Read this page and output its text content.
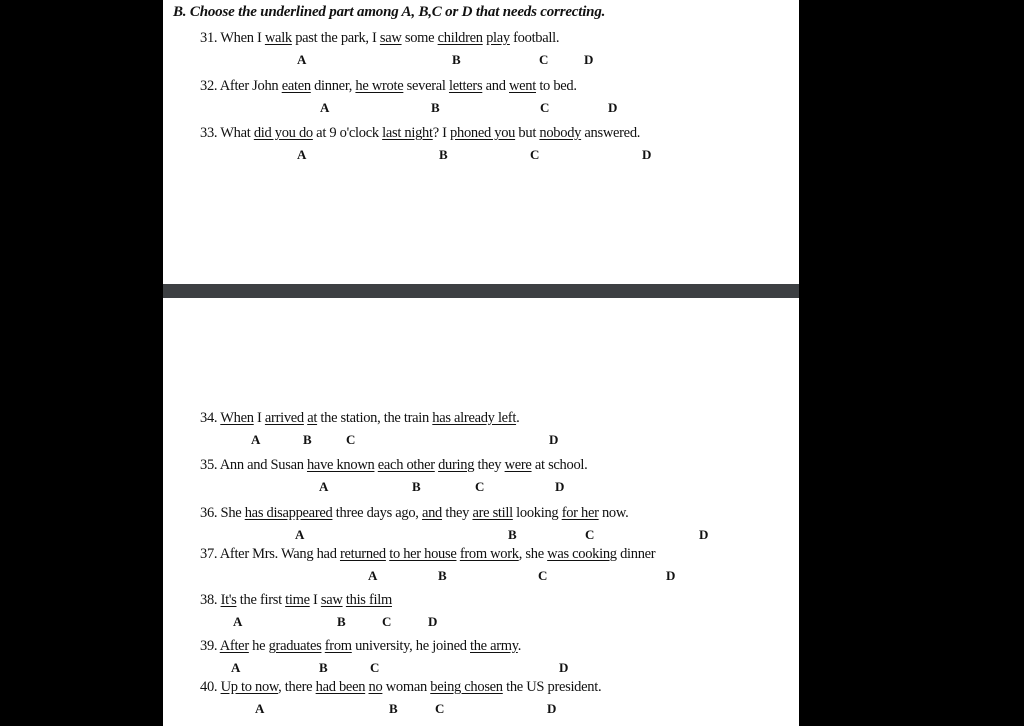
B. Choose the underlined part among A, B,C or D that needs correcting.
31. When I walk past the park, I saw some children play football.
A	B	C	D
32. After John eaten dinner, he wrote several letters and went to bed.
A	B	C	D
33. What did you do at 9 o'clock last night? I phoned you but nobody answered.
A	B	C	D
34. When I arrived at the station, the train has already left.
A	B	C	D
35. Ann and Susan have known each other during they were at school.
A	B	C	D
36. She has disappeared three days ago, and they are still looking for her now.
A	B	C	D
37. After Mrs. Wang had returned to her house from work, she was cooking dinner
A	B	C	D
38. It's the first time I saw this film
A	B	C	D
39. After he graduates from university, he joined the army.
A	B	C	D
40. Up to now, there had been no woman being chosen the US president.
A	B	C	D
